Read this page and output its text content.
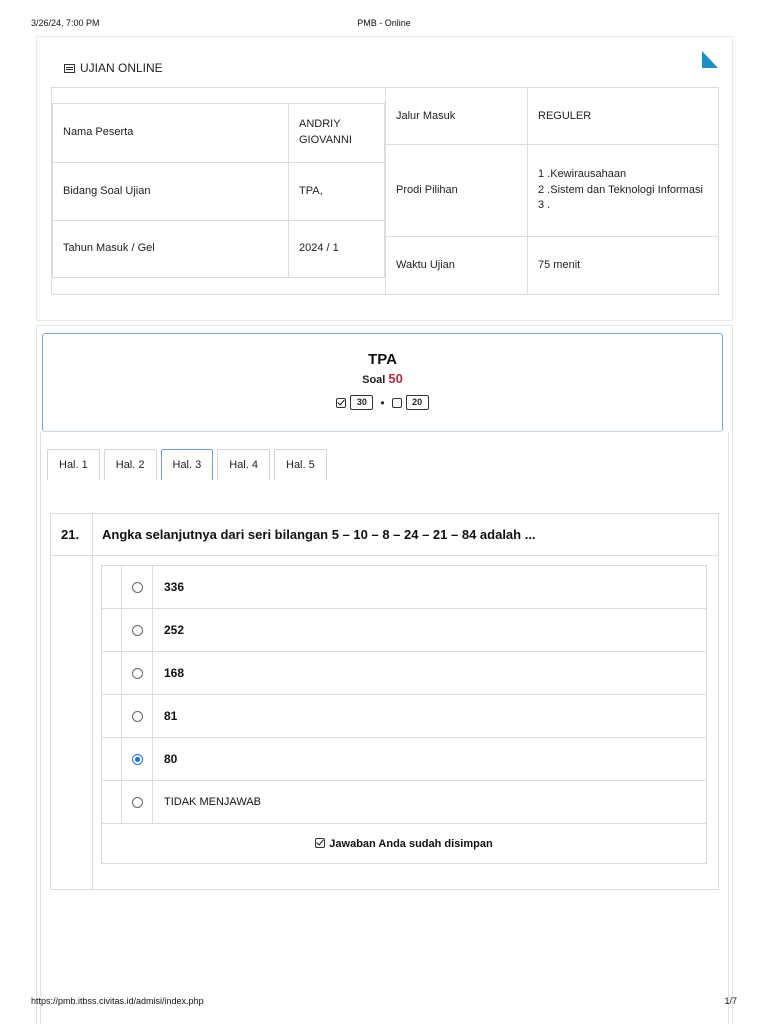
3/26/24, 7:00 PM	PMB - Online
UJIAN ONLINE
Nama Peserta	ANDRIY GIOVANNI
Bidang Soal Ujian	TPA,
Tahun Masuk / Gel	2024 / 1
Jalur Masuk	REGULER
Prodi Pilihan	1 .Kewirausahaan
2 .Sistem dan Teknologi Informasi
3 .

Waktu Ujian	75 menit
TPA
Soal 50
30	•	20
Hal. 1	Hal. 2	Hal. 3	Hal. 4	Hal. 5
21. Angka selanjutnya dari seri bilangan 5 – 10 – 8 – 24 – 21 – 84 adalah ...
		336
		252
		168
		81
		80
		TIDAK MENJAWAB
Jawaban Anda sudah disimpan		
https://pmb.itbss.civitas.id/admisi/index.php	1/7
